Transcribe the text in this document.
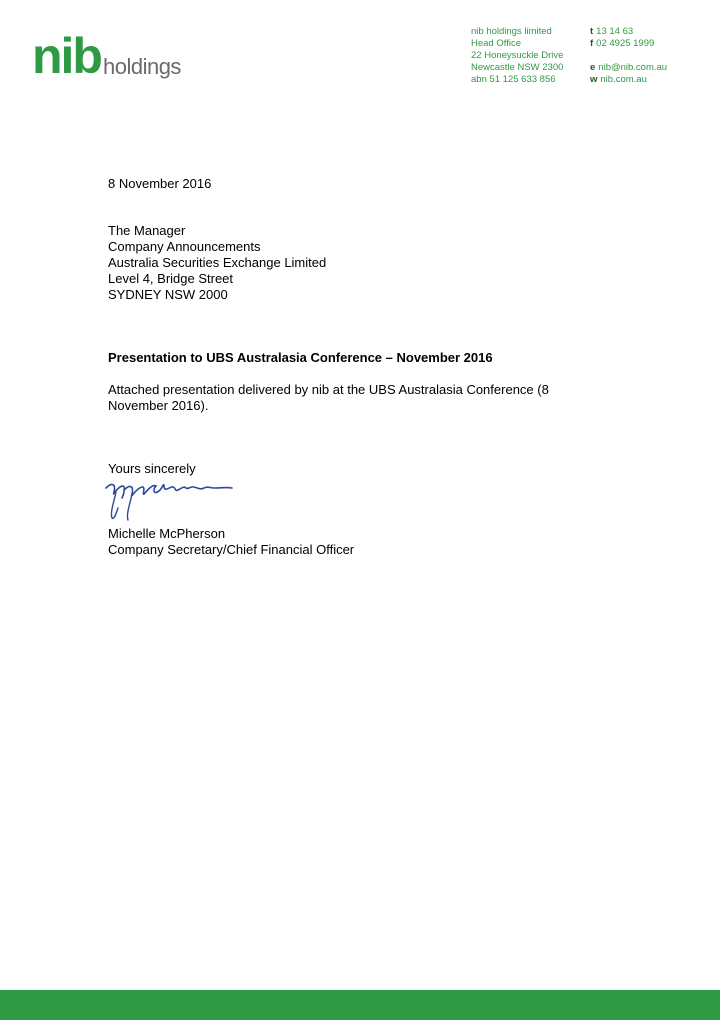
nibholdings
nib holdings limited
Head Office
22 Honeysuckle Drive
Newcastle NSW 2300
abn 51 125 633 856
t 13 14 63
f 02 4925 1999
e nib@nib.com.au
w nib.com.au
8 November 2016
The Manager
Company Announcements
Australia Securities Exchange Limited
Level 4, Bridge Street
SYDNEY NSW 2000
Presentation to UBS Australasia Conference – November 2016
Attached presentation delivered by nib at the UBS Australasia Conference (8 November 2016).
Yours sincerely
Michelle McPherson
Company Secretary/Chief Financial Officer
